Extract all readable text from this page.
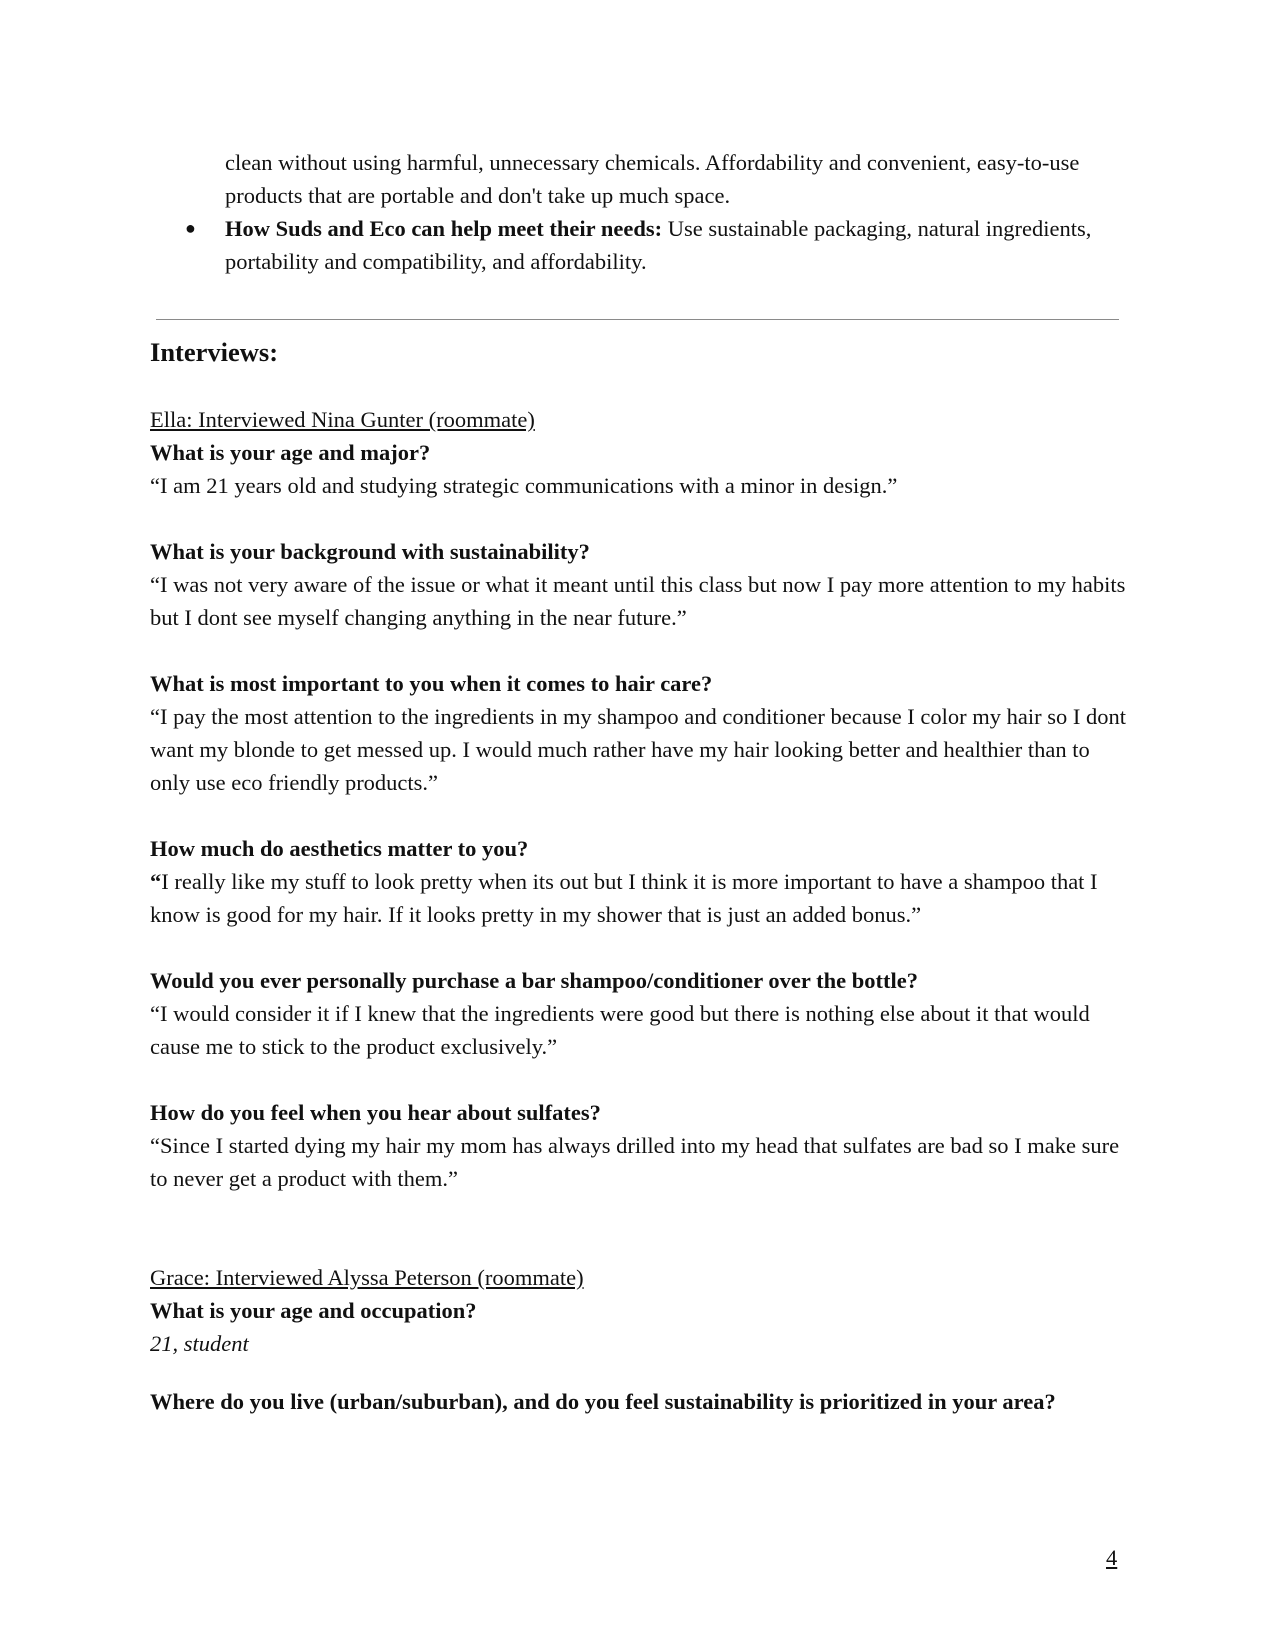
clean without using harmful, unnecessary chemicals. Affordability and convenient, easy-to-use products that are portable and don't take up much space.
● How Suds and Eco can help meet their needs: Use sustainable packaging, natural ingredients, portability and compatibility, and affordability.
Interviews:
Ella: Interviewed Nina Gunter (roommate)
What is your age and major?
“I am 21 years old and studying strategic communications with a minor in design.”
What is your background with sustainability?
“I was not very aware of the issue or what it meant until this class but now I pay more attention to my habits but I dont see myself changing anything in the near future.”
What is most important to you when it comes to hair care?
“I pay the most attention to the ingredients in my shampoo and conditioner because I color my hair so I dont want my blonde to get messed up. I would much rather have my hair looking better and healthier than to only use eco friendly products.”
How much do aesthetics matter to you?
“I really like my stuff to look pretty when its out but I think it is more important to have a shampoo that I know is good for my hair. If it looks pretty in my shower that is just an added bonus.”
Would you ever personally purchase a bar shampoo/conditioner over the bottle?
“I would consider it if I knew that the ingredients were good but there is nothing else about it that would cause me to stick to the product exclusively.”
How do you feel when you hear about sulfates?
“Since I started dying my hair my mom has always drilled into my head that sulfates are bad so I make sure to never get a product with them.”
Grace: Interviewed Alyssa Peterson (roommate)
What is your age and occupation?
21, student
Where do you live (urban/suburban), and do you feel sustainability is prioritized in your area?
4
